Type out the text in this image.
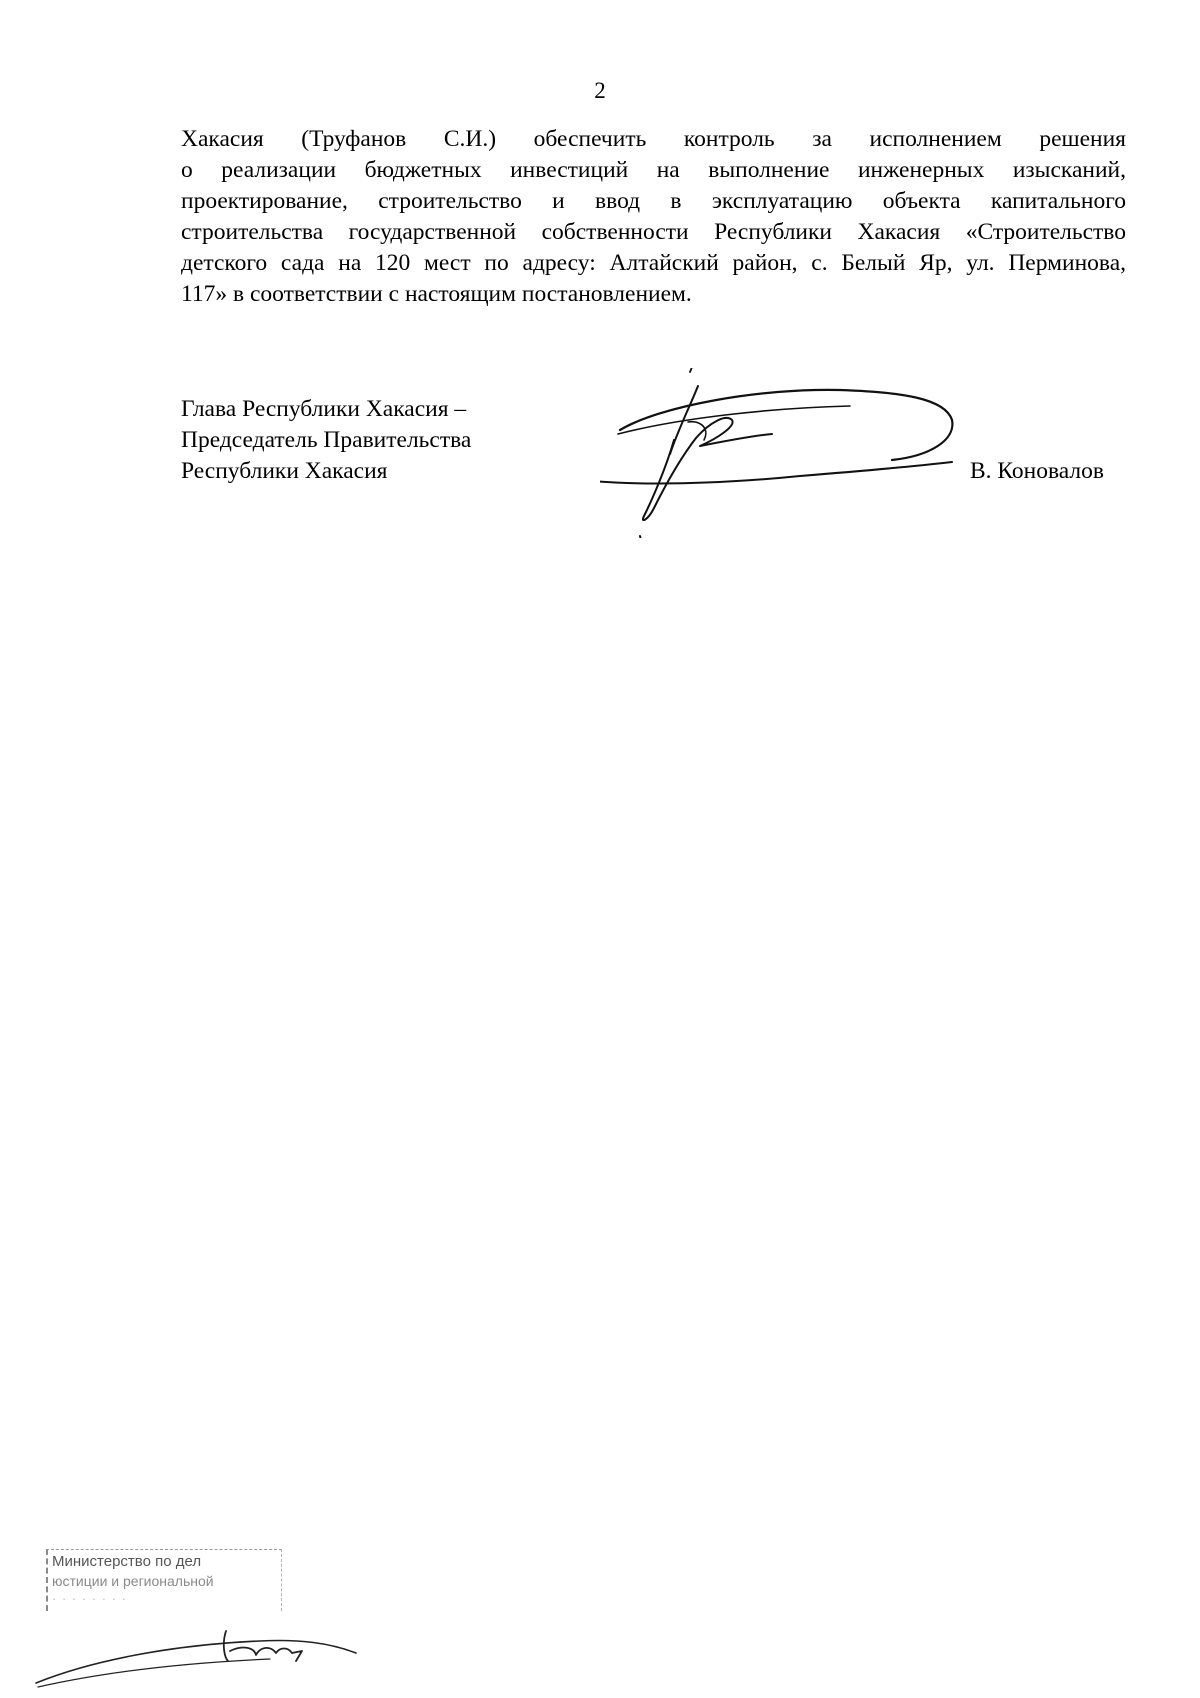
2
Хакасия (Труфанов С.И.) обеспечить контроль за исполнением решения
о реализации бюджетных инвестиций на выполнение инженерных изысканий,
проектирование, строительство и ввод в эксплуатацию объекта капитального
строительства государственной собственности Республики Хакасия «Строительство
детского сада на 120 мест по адресу: Алтайский район, с. Белый Яр, ул. Перминова,
117» в соответствии с настоящим постановлением.
Глава Республики Хакасия –
Председатель Правительства
Республики Хакасия	В. Коновалов
Министерство по дел
юстиции и региональной
· · · · · · · ·
